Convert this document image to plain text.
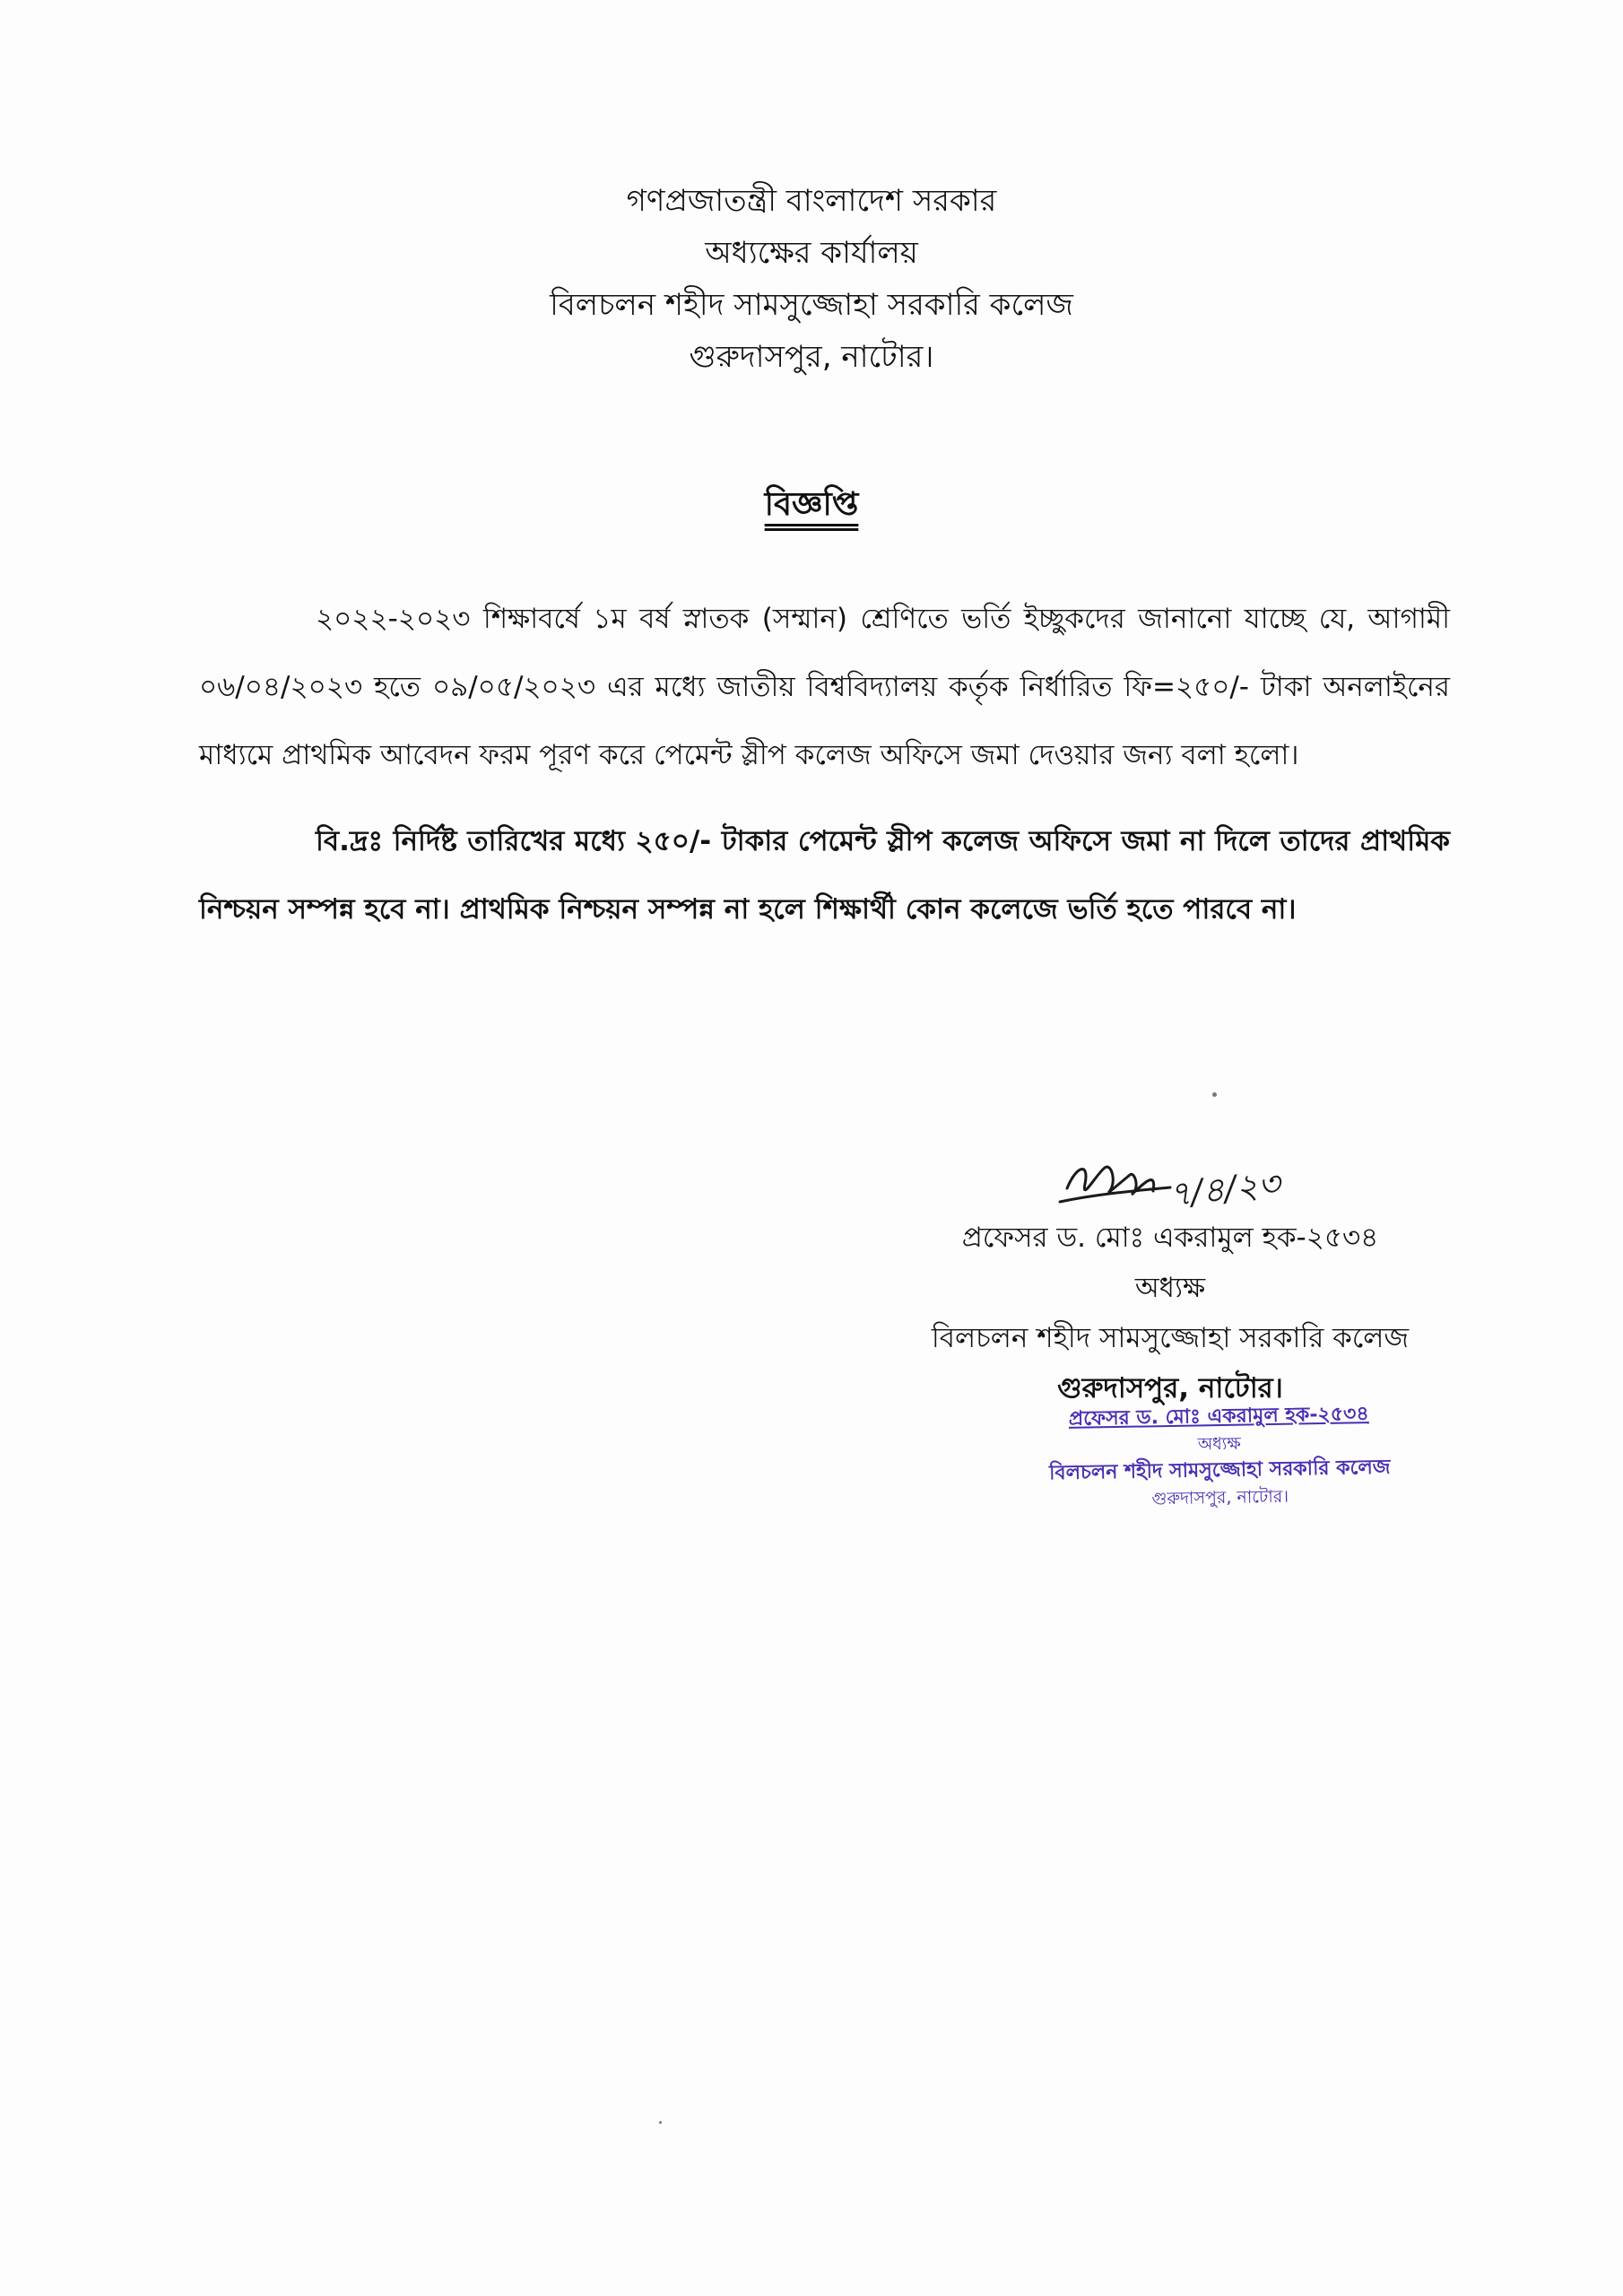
গণপ্রজাতন্ত্রী বাংলাদেশ সরকার
অধ্যক্ষের কার্যালয়
বিলচলন শহীদ সামসুজ্জোহা সরকারি কলেজ
গুরুদাসপুর, নাটোর।
বিজ্ঞপ্তি

২০২২-২০২৩ শিক্ষাবর্ষে ১ম বর্ষ স্নাতক (সম্মান) শ্রেণিতে ভর্তি ইচ্ছুকদের জানানো যাচ্ছে যে, আগামী ০৬/০৪/২০২৩ হতে ০৯/০৫/২০২৩ এর মধ্যে জাতীয় বিশ্ববিদ্যালয় কর্তৃক নির্ধারিত ফি=২৫০/- টাকা অনলাইনের মাধ্যমে প্রাথমিক আবেদন ফরম পূরণ করে পেমেন্ট স্লীপ কলেজ অফিসে জমা দেওয়ার জন্য বলা হলো।

বি.দ্রঃ নির্দিষ্ট তারিখের মধ্যে ২৫০/- টাকার পেমেন্ট স্লীপ কলেজ অফিসে জমা না দিলে তাদের প্রাথমিক নিশ্চয়ন সম্পন্ন হবে না। প্রাথমিক নিশ্চয়ন সম্পন্ন না হলে শিক্ষার্থী কোন কলেজে ভর্তি হতে পারবে না।

৭/৪/২৩
প্রফেসর ড. মোঃ একরামুল হক-২৫৩৪
অধ্যক্ষ
বিলচলন শহীদ সামসুজ্জোহা সরকারি কলেজ
গুরুদাসপুর, নাটোর।
প্রফেসর ড. মোঃ একরামুল হক-২৫৩৪
অধ্যক্ষ
বিলচলন শহীদ সামসুজ্জোহা সরকারি কলেজ
গুরুদাসপুর, নাটোর।
